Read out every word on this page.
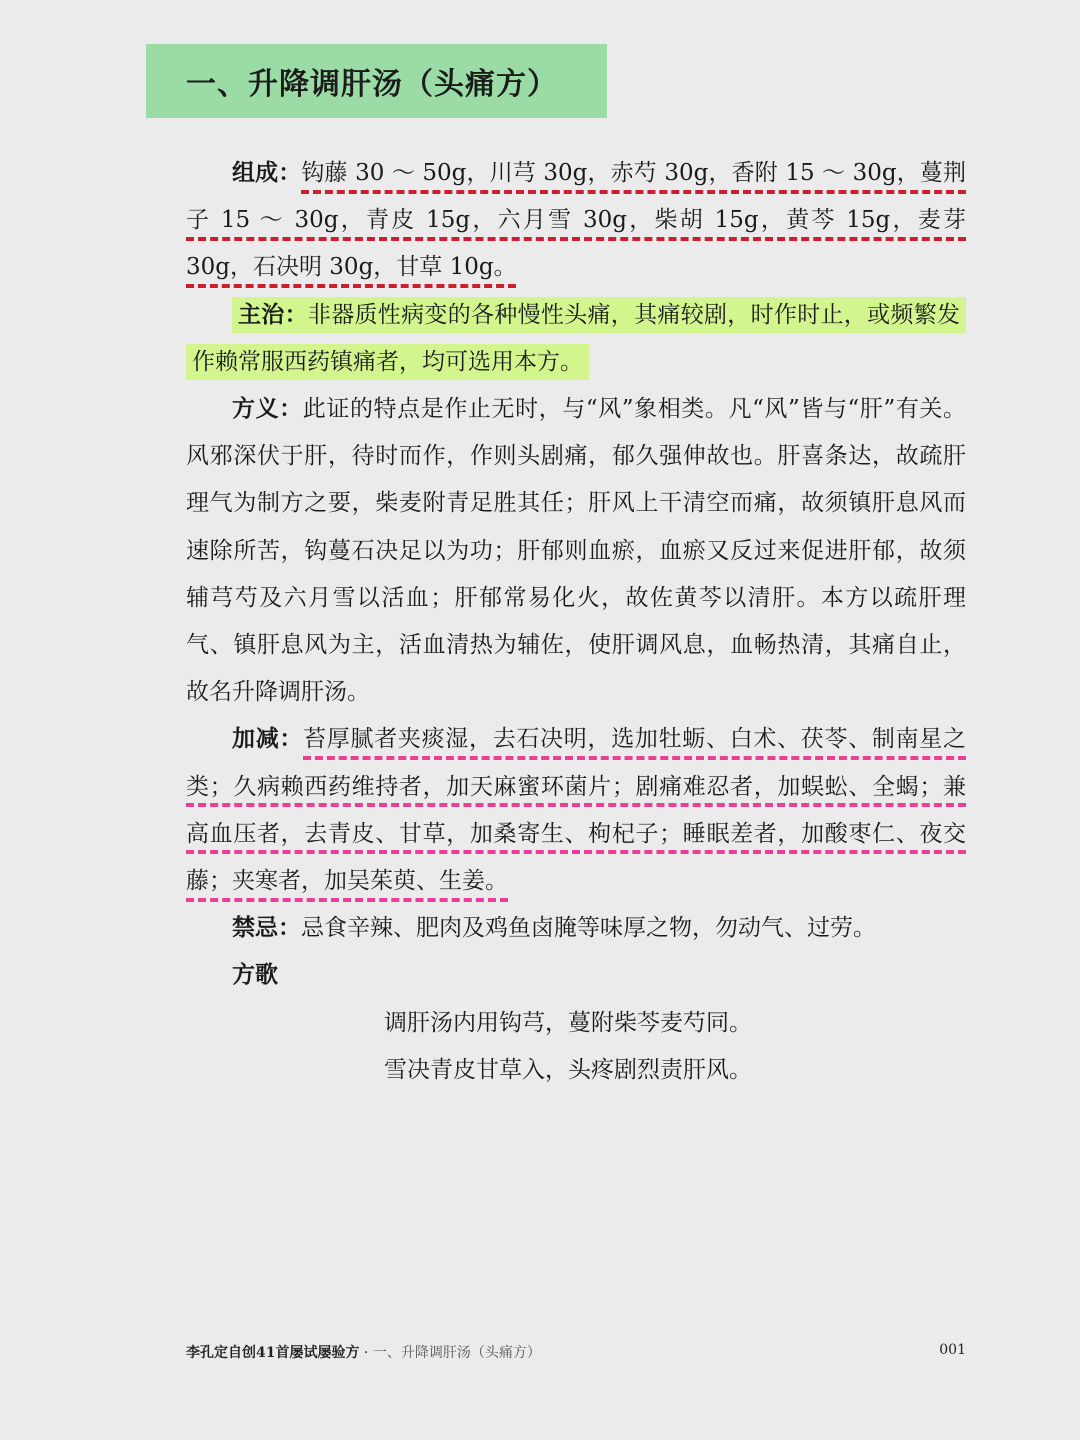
一、升降调肝汤（头痛方）

组成：钩藤 30 ～ 50g，川芎 30g，赤芍 30g，香附 15 ～ 30g，蔓荆子 15 ～ 30g，青皮 15g，六月雪 30g，柴胡 15g，黄芩 15g，麦芽 30g，石决明 30g，甘草 10g。

主治：非器质性病变的各种慢性头痛，其痛较剧，时作时止，或频繁发作赖常服西药镇痛者，均可选用本方。

方义：此证的特点是作止无时，与“风”象相类。凡“风”皆与“肝”有关。风邪深伏于肝，待时而作，作则头剧痛，郁久强伸故也。肝喜条达，故疏肝理气为制方之要，柴麦附青足胜其任；肝风上干清空而痛，故须镇肝息风而速除所苦，钩蔓石决足以为功；肝郁则血瘀，血瘀又反过来促进肝郁，故须辅芎芍及六月雪以活血；肝郁常易化火，故佐黄芩以清肝。本方以疏肝理气、镇肝息风为主，活血清热为辅佐，使肝调风息，血畅热清，其痛自止，故名升降调肝汤。

加减：苔厚腻者夹痰湿，去石决明，选加牡蛎、白术、茯苓、制南星之类；久病赖西药维持者，加天麻蜜环菌片；剧痛难忍者，加蜈蚣、全蝎；兼高血压者，去青皮、甘草，加桑寄生、枸杞子；睡眠差者，加酸枣仁、夜交藤；夹寒者，加吴茱萸、生姜。

禁忌：忌食辛辣、肥肉及鸡鱼卤腌等味厚之物，勿动气、过劳。

方歌

调肝汤内用钩芎，蔓附柴芩麦芍同。

雪决青皮甘草入，头疼剧烈责肝风。

李孔定自创41首屡试屡验方 · 一、升降调肝汤（头痛方）	001
